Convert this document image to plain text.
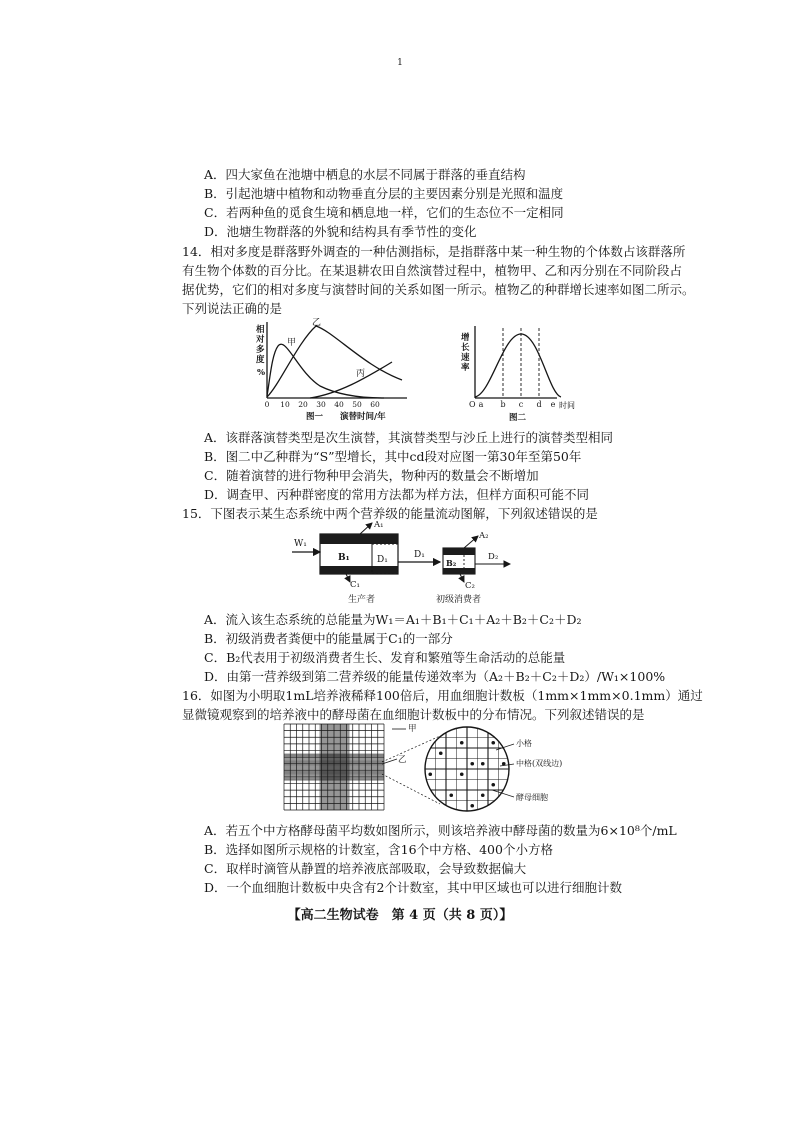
1
A．四大家鱼在池塘中栖息的水层不同属于群落的垂直结构
B．引起池塘中植物和动物垂直分层的主要因素分别是光照和温度
C．若两种鱼的觅食生境和栖息地一样，它们的生态位不一定相同
D．池塘生物群落的外貌和结构具有季节性的变化
14．相对多度是群落野外调查的一种估测指标，是指群落中某一种生物的个体数占该群落所
有生物个体数的百分比。在某退耕农田自然演替过程中，植物甲、乙和丙分别在不同阶段占
据优势，它们的相对多度与演替时间的关系如图一所示。植物乙的种群增长速率如图二所示。
下列说法正确的是
相
对
多
度
%
甲
乙
丙
0 10 20 30 40 50 60
图一 演替时间/年
增
长
速
率
O a b c d e 时间
图二
A．该群落演替类型是次生演替，其演替类型与沙丘上进行的演替类型相同
B．图二中乙种群为“S”型增长，其中cd段对应图一第30年至第50年
C．随着演替的进行物种甲会消失，物种丙的数量会不断增加
D．调查甲、丙种群密度的常用方法都为样方法，但样方面积可能不同
15．下图表示某生态系统中两个营养级的能量流动图解，下列叙述错误的是
W₁
B₁	D₁
A₁
C₁
D₁
B₂
A₂
C₂
D₂
生产者	初级消费者
A．流入该生态系统的总能量为W₁＝A₁＋B₁＋C₁＋A₂＋B₂＋C₂＋D₂
B．初级消费者粪便中的能量属于C₁的一部分
C．B₂代表用于初级消费者生长、发育和繁殖等生命活动的总能量
D．由第一营养级到第二营养级的能量传递效率为（A₂＋B₂＋C₂＋D₂）/W₁×100%
16．如图为小明取1mL培养液稀释100倍后，用血细胞计数板（1mm×1mm×0.1mm）通过
显微镜观察到的培养液中的酵母菌在血细胞计数板中的分布情况。下列叙述错误的是
甲
乙
小格
中格(双线边)
酵母细胞
A．若五个中方格酵母菌平均数如图所示，则该培养液中酵母菌的数量为6×10⁸个/mL
B．选择如图所示规格的计数室，含16个中方格、400个小方格
C．取样时滴管从静置的培养液底部吸取，会导致数据偏大
D．一个血细胞计数板中央含有2个计数室，其中甲区域也可以进行细胞计数
【高二生物试卷　第 4 页（共 8 页）】
